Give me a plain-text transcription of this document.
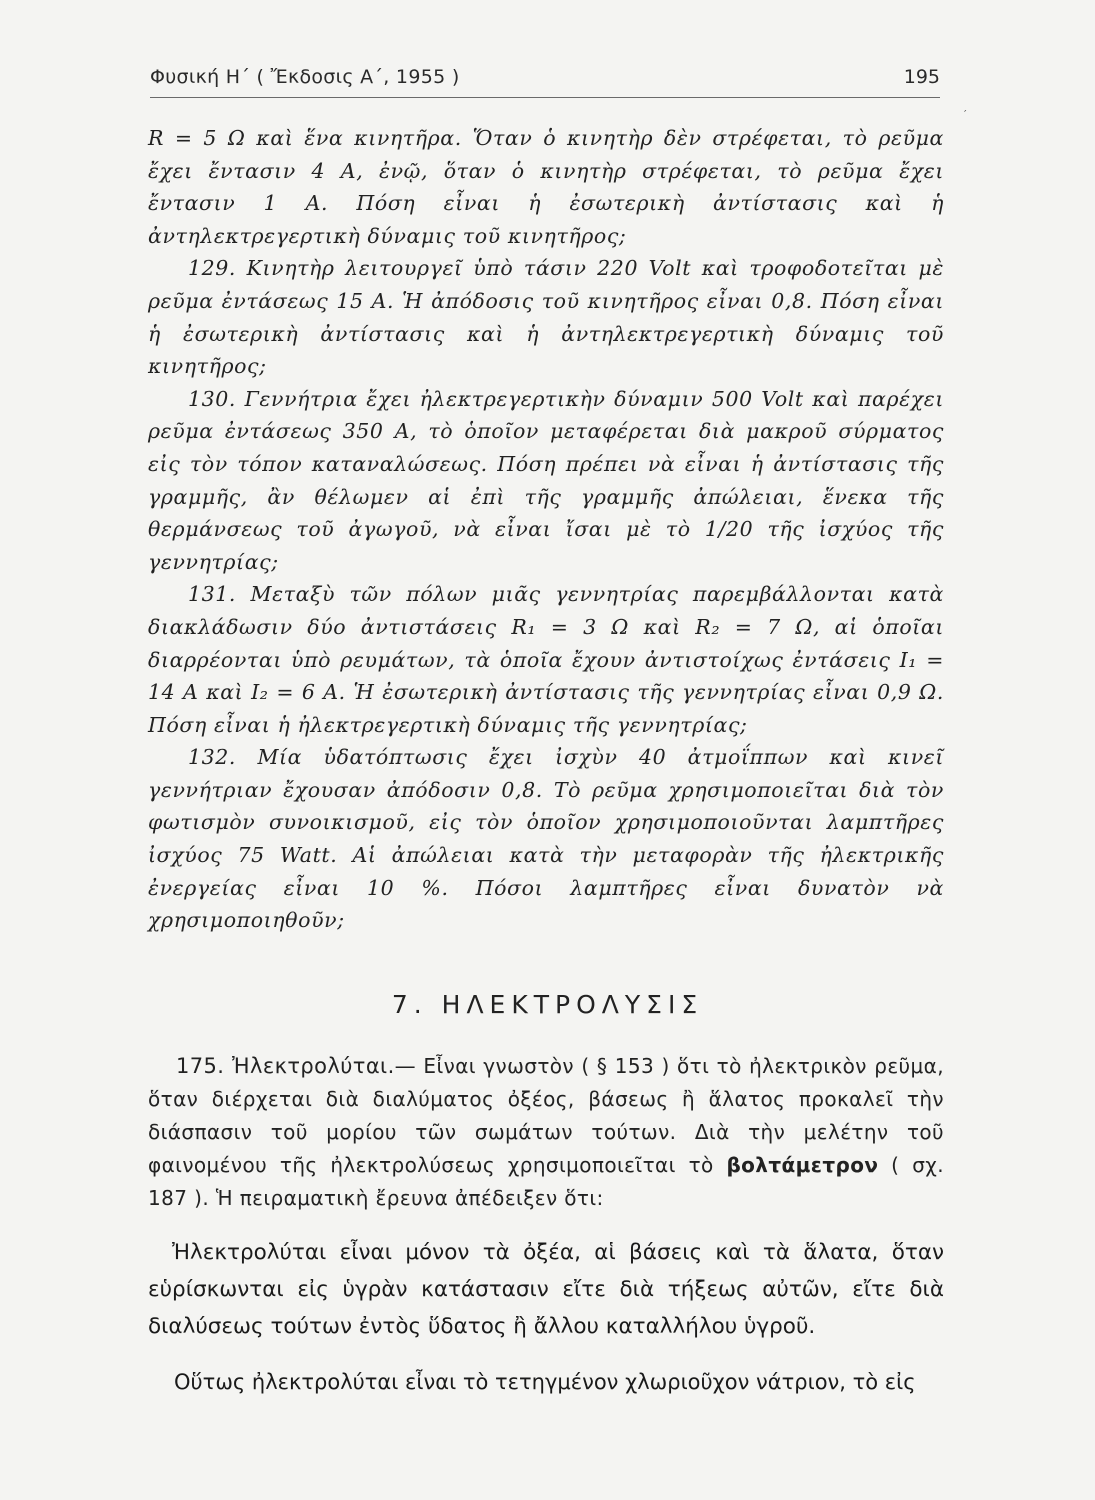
Φυσική Η΄ ( Ἔκδοσις Α΄, 1955 )	195
′

R = 5 Ω καὶ ἕνα κινητῆρα. Ὅταν ὁ κινητὴρ δὲν στρέφεται, τὸ ρεῦμα ἔχει ἔντασιν 4 Α, ἐνῷ, ὅταν ὁ κινητὴρ στρέφεται, τὸ ρεῦμα ἔχει ἔντασιν 1 Α. Πόση εἶναι ἡ ἐσωτερικὴ ἀντίστασις καὶ ἡ ἀντηλεκτρεγερτικὴ δύναμις τοῦ κινητῆρος;

129. Κινητὴρ λειτουργεῖ ὑπὸ τάσιν 220 Volt καὶ τροφοδοτεῖται μὲ ρεῦμα ἐντάσεως 15 Α. Ἡ ἀπόδοσις τοῦ κινητῆρος εἶναι 0,8. Πόση εἶναι ἡ ἐσωτερικὴ ἀντίστασις καὶ ἡ ἀντηλεκτρεγερτικὴ δύναμις τοῦ κινητῆρος;

130. Γεννήτρια ἔχει ἠλεκτρεγερτικὴν δύναμιν 500 Volt καὶ παρέχει ρεῦμα ἐντάσεως 350 Α, τὸ ὁποῖον μεταφέρεται διὰ μακροῦ σύρματος εἰς τὸν τόπον καταναλώσεως. Πόση πρέπει νὰ εἶναι ἡ ἀντίστασις τῆς γραμμῆς, ἂν θέλωμεν αἱ ἐπὶ τῆς γραμμῆς ἀπώλειαι, ἕνεκα τῆς θερμάνσεως τοῦ ἀγωγοῦ, νὰ εἶναι ἴσαι μὲ τὸ 1/20 τῆς ἰσχύος τῆς γεννητρίας;

131. Μεταξὺ τῶν πόλων μιᾶς γεννητρίας παρεμβάλλονται κατὰ διακλάδωσιν δύο ἀντιστάσεις R₁ = 3 Ω καὶ R₂ = 7 Ω, αἱ ὁποῖαι διαρρέονται ὑπὸ ρευμάτων, τὰ ὁποῖα ἔχουν ἀντιστοίχως ἐντάσεις I₁ = 14 Α καὶ I₂ = 6 Α. Ἡ ἐσωτερικὴ ἀντίστασις τῆς γεννητρίας εἶναι 0,9 Ω. Πόση εἶναι ἡ ἠλεκτρεγερτικὴ δύναμις τῆς γεννητρίας;

132. Μία ὑδατόπτωσις ἔχει ἰσχὺν 40 ἀτμοΐππων καὶ κινεῖ γεννήτριαν ἔχουσαν ἀπόδοσιν 0,8. Τὸ ρεῦμα χρησιμοποιεῖται διὰ τὸν φωτισμὸν συνοικισμοῦ, εἰς τὸν ὁποῖον χρησιμοποιοῦνται λαμπτῆρες ἰσχύος 75 Watt. Αἱ ἀπώλειαι κατὰ τὴν μεταφορὰν τῆς ἠλεκτρικῆς ἐνεργείας εἶναι 10 %. Πόσοι λαμπτῆρες εἶναι δυνατὸν νὰ χρησιμοποιηθοῦν;

7. ΗΛΕΚΤΡΟΛΥΣΙΣ

175. Ἠλεκτρολύται.— Εἶναι γνωστὸν ( § 153 ) ὅτι τὸ ἠλεκτρικὸν ρεῦμα, ὅταν διέρχεται διὰ διαλύματος ὀξέος, βάσεως ἢ ἅλατος προκαλεῖ τὴν διάσπασιν τοῦ μορίου τῶν σωμάτων τούτων. Διὰ τὴν μελέτην τοῦ φαινομένου τῆς ἠλεκτρολύσεως χρησιμοποιεῖται τὸ βολτάμετρον ( σχ. 187 ). Ἡ πειραματικὴ ἔρευνα ἀπέδειξεν ὅτι:

Ἠλεκτρολύται εἶναι μόνον τὰ ὀξέα, αἱ βάσεις καὶ τὰ ἅλατα, ὅταν εὑρίσκωνται εἰς ὑγρὰν κατάστασιν εἴτε διὰ τήξεως αὐτῶν, εἴτε διὰ διαλύσεως τούτων ἐντὸς ὕδατος ἢ ἄλλου καταλλήλου ὑγροῦ.

Οὕτως ἠλεκτρολύται εἶναι τὸ τετηγμένον χλωριοῦχον νάτριον, τὸ εἰς
